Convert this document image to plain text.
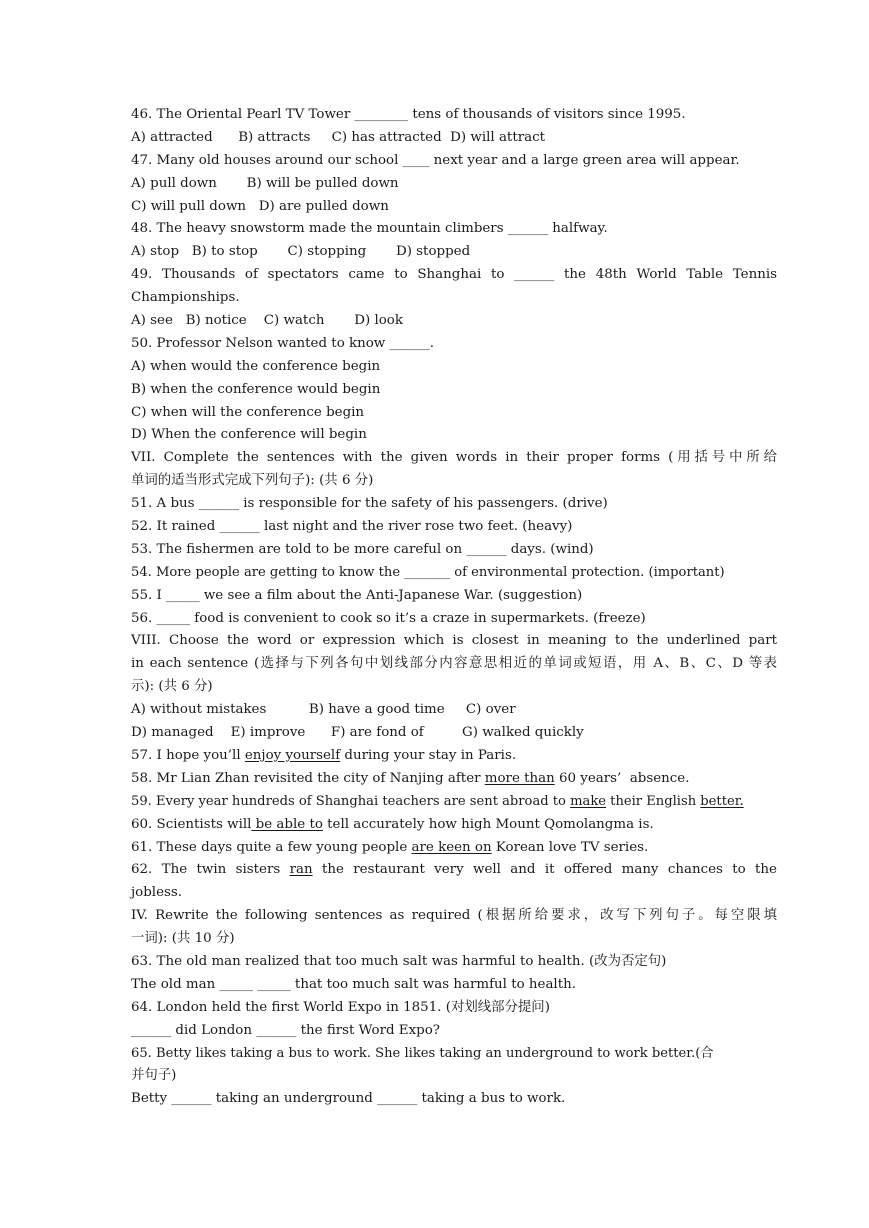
46. The Oriental Pearl TV Tower ________ tens of thousands of visitors since 1995.
A) attracted      B) attracts     C) has attracted  D) will attract
47. Many old houses around our school ____ next year and a large green area will appear.
A) pull down       B) will be pulled down
C) will pull down   D) are pulled down
48. The heavy snowstorm made the mountain climbers ______ halfway.
A) stop   B) to stop       C) stopping       D) stopped
49. Thousands of spectators came to Shanghai to ______ the 48th World Table Tennis
Championships.
A) see   B) notice    C) watch       D) look
50. Professor Nelson wanted to know ______.
A) when would the conference begin
B) when the conference would begin
C) when will the conference begin
D) When the conference will begin
VII. Complete the sentences with the given words in their proper forms (用括号中所给
单词的适当形式完成下列句子): (共 6 分)
51. A bus ______ is responsible for the safety of his passengers. (drive)
52. It rained ______ last night and the river rose two feet. (heavy)
53. The fishermen are told to be more careful on ______ days. (wind)
54. More people are getting to know the _______ of environmental protection. (important)
55. I _____ we see a film about the Anti-Japanese War. (suggestion)
56. _____ food is convenient to cook so it’s a craze in supermarkets. (freeze)
VIII. Choose the word or expression which is closest in meaning to the underlined part
in each sentence (选择与下列各句中划线部分内容意思相近的单词或短语，用 A、B、C、D 等表
示): (共 6 分)
A) without mistakes          B) have a good time     C) over
D) managed    E) improve      F) are fond of         G) walked quickly
57. I hope you’ll enjoy yourself during your stay in Paris.
58. Mr Lian Zhan revisited the city of Nanjing after more than 60 years’  absence.
59. Every year hundreds of Shanghai teachers are sent abroad to make their English better.
60. Scientists will be able to tell accurately how high Mount Qomolangma is.
61. These days quite a few young people are keen on Korean love TV series.
62. The twin sisters ran the restaurant very well and it offered many chances to the
jobless.
IV. Rewrite the following sentences as required (根据所给要求，改写下列句子。每空限填
一词): (共 10 分)
63. The old man realized that too much salt was harmful to health. (改为否定句)
The old man _____ _____ that too much salt was harmful to health.
64. London held the first World Expo in 1851. (对划线部分提问)
______ did London ______ the first Word Expo?
65. Betty likes taking a bus to work. She likes taking an underground to work better.(合
并句子)
Betty ______ taking an underground ______ taking a bus to work.
